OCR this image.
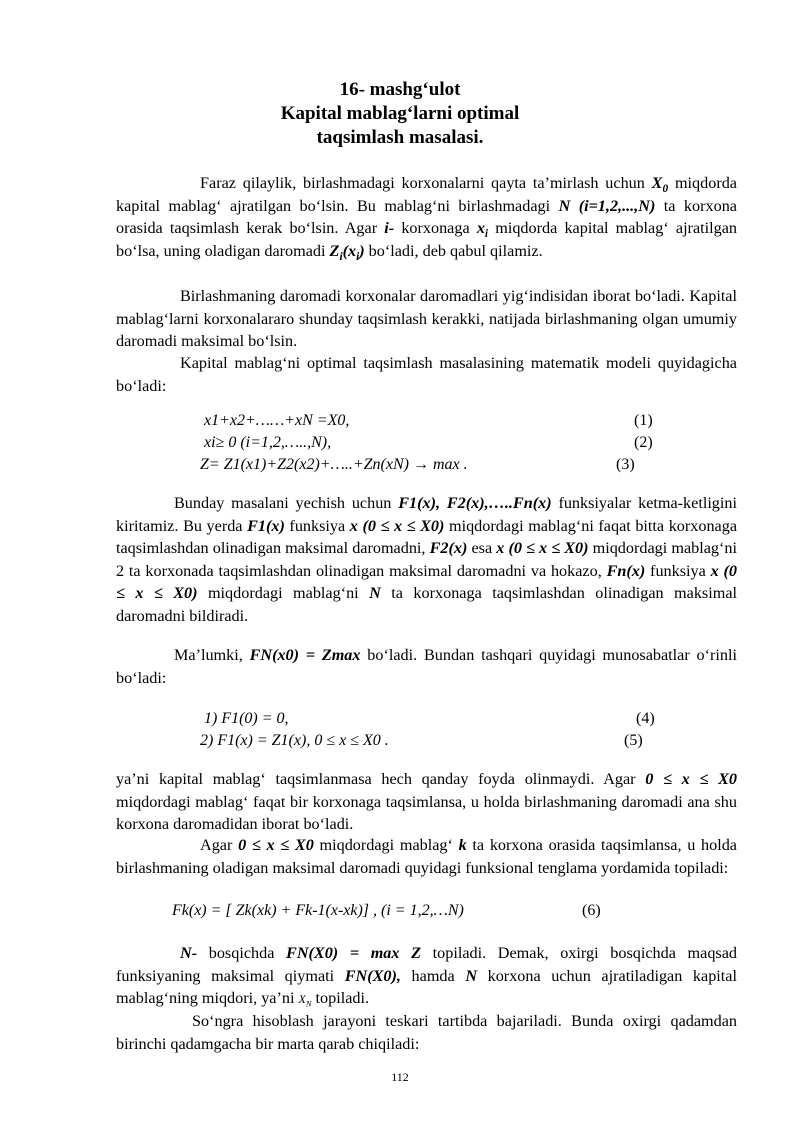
16- mashg‘ulot
Kapital mablag‘larni optimal
taqsimlash masalasi.
Faraz qilaylik, birlashmadagi korxonalarni qayta ta’mirlash uchun $X_0$ miqdorda kapital mablag‘ ajratilgan bo‘lsin. Bu mablag‘ni birlashmadagi N (i=1,2,...,N) ta korxona orasida taqsimlash kerak bo‘lsin. Agar i- korxonaga $x_i$ miqdorda kapital mablag‘ ajratilgan bo‘lsa, uning oladigan daromadi $Z_i(x_i)$ bo‘ladi, deb qabul qilamiz.
Birlashmaning daromadi korxonalar daromadlari yig‘indisidan iborat bo‘ladi. Kapital mablag‘larni korxonalararo shunday taqsimlash kerakki, natijada birlashmaning olgan umumiy daromadi maksimal bo‘lsin.
Kapital mablag‘ni optimal taqsimlash masalasining matematik modeli quyidagicha bo‘ladi:
x1+x2+……+xN =X0,	(1)
xi≥ 0 (i=1,2,…..,N),	(2)
Z= Z1(x1)+Z2(x2)+…..+Zn(xN) → max .	(3)
Bunday masalani yechish uchun F1(x), F2(x),…..Fn(x) funksiyalar ketma-ketligini kiritamiz. Bu yerda F1(x) funksiya x (0 ≤ x ≤ X0) miqdordagi mablag‘ni faqat bitta korxonaga taqsimlashdan olinadigan maksimal daromadni, F2(x) esa x (0 ≤ x ≤ X0) miqdordagi mablag‘ni 2 ta korxonada taqsimlashdan olinadigan maksimal daromadni va hokazo, Fn(x) funksiya x (0 ≤ x ≤ X0) miqdordagi mablag‘ni N ta korxonaga taqsimlashdan olinadigan maksimal daromadni bildiradi.
Ma’lumki, FN(x0) = Zmax bo‘ladi. Bundan tashqari quyidagi munosabatlar o‘rinli bo‘ladi:
1) F1(0) = 0,	(4)
2) F1(x) = Z1(x), 0 ≤ x ≤ X0 .	(5)
ya’ni kapital mablag‘ taqsimlanmasa hech qanday foyda olinmaydi. Agar 0 ≤ x ≤ X0 miqdordagi mablag‘ faqat bir korxonaga taqsimlansa, u holda birlashmaning daromadi ana shu korxona daromadidan iborat bo‘ladi.
Agar 0 ≤ x ≤ X0 miqdordagi mablag‘ k ta korxona orasida taqsimlansa, u holda birlashmaning oladigan maksimal daromadi quyidagi funksional tenglama yordamida topiladi:
Fk(x) = [ Zk(xk) + Fk-1(x-xk)] , (i = 1,2,…N)	(6)
N- bosqichda FN(X0) = max Z topiladi. Demak, oxirgi bosqichda maqsad funksiyaning maksimal qiymati FN(X0), hamda N korxona uchun ajratiladigan kapital mablag‘ning miqdori, ya’ni $X_N$ topiladi.
So‘ngra hisoblash jarayoni teskari tartibda bajariladi. Bunda oxirgi qadamdan birinchi qadamgacha bir marta qarab chiqiladi:
112
